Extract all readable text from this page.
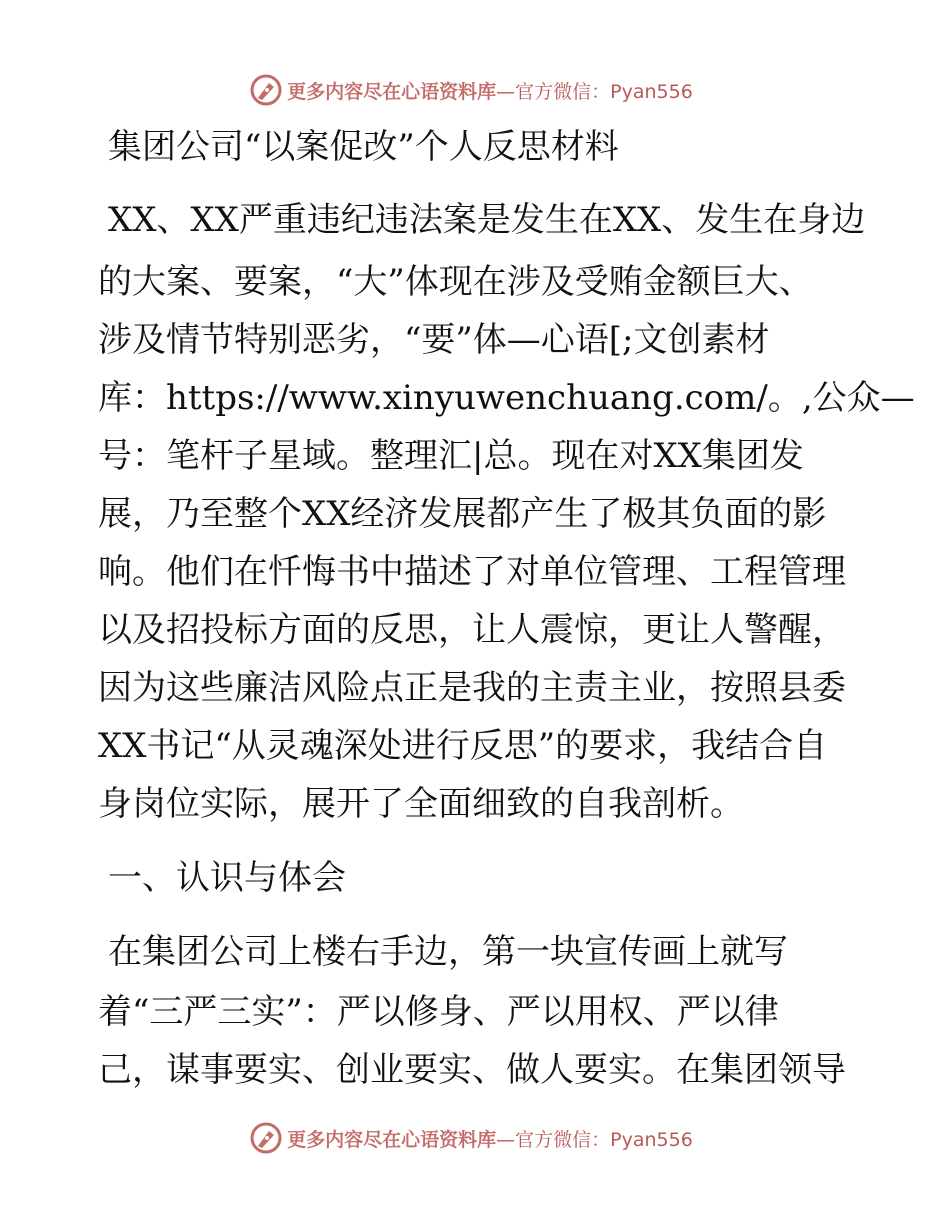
更多内容尽在心语资料库 —官方微信：Pyan556
集团公司“以案促改”个人反思材料
XX、XX严重违纪违法案是发生在XX、发生在身边
的大案、要案，“大”体现在涉及受贿金额巨大、
涉及情节特别恶劣，“要”体—心语[;文创素材
库：https://www.xinyuwenchuang.com/。,公众—
号：笔杆子星域。整理汇|总。现在对XX集团发
展，乃至整个XX经济发展都产生了极其负面的影
响。他们在忏悔书中描述了对单位管理、工程管理
以及招投标方面的反思，让人震惊，更让人警醒，
因为这些廉洁风险点正是我的主责主业，按照县委
XX书记“从灵魂深处进行反思”的要求，我结合自
身岗位实际，展开了全面细致的自我剖析。
一、认识与体会
在集团公司上楼右手边，第一块宣传画上就写
着“三严三实”：严以修身、严以用权、严以律
己，谋事要实、创业要实、做人要实。在集团领导
更多内容尽在心语资料库 —官方微信：Pyan556
